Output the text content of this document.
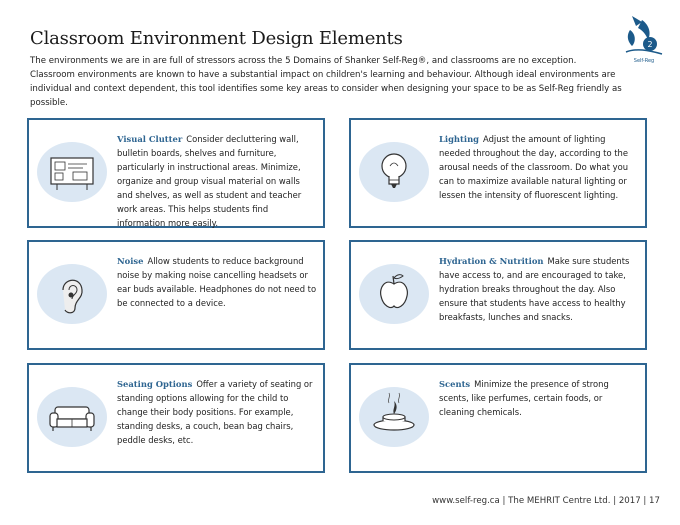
Classroom Environment Design Elements	2
Self-Reg

The environments we are in are full of stressors across the 5 Domains of Shanker Self-Reg®, and classrooms are no exception.

Classroom environments are known to have a substantial impact on children's learning and behaviour. Although ideal environments are individual and context dependent, this tool identifies some key areas to consider when designing your space to be as Self-Reg friendly as possible.

Visual Clutter Consider decluttering wall, bulletin boards, shelves and furniture, particularly in instructional areas. Minimize, organize and group visual material on walls and shelves, as well as student and teacher work areas. This helps students find information more easily.
Lighting Adjust the amount of lighting needed throughout the day, according to the arousal needs of the classroom. Do what you can to maximize available natural lighting or lessen the intensity of fluorescent lighting.
Noise Allow students to reduce background noise by making noise cancelling headsets or ear buds available. Headphones do not need to be connected to a device.
Hydration & Nutrition Make sure students have access to, and are encouraged to take, hydration breaks throughout the day. Also ensure that students have access to healthy breakfasts, lunches and snacks.
Seating Options Offer a variety of seating or standing options allowing for the child to change their body positions. For example, standing desks, a couch, bean bag chairs, peddle desks, etc.
Scents Minimize the presence of strong scents, like perfumes, certain foods, or cleaning chemicals.
www.self-reg.ca | The MEHRIT Centre Ltd. | 2017 | 17
